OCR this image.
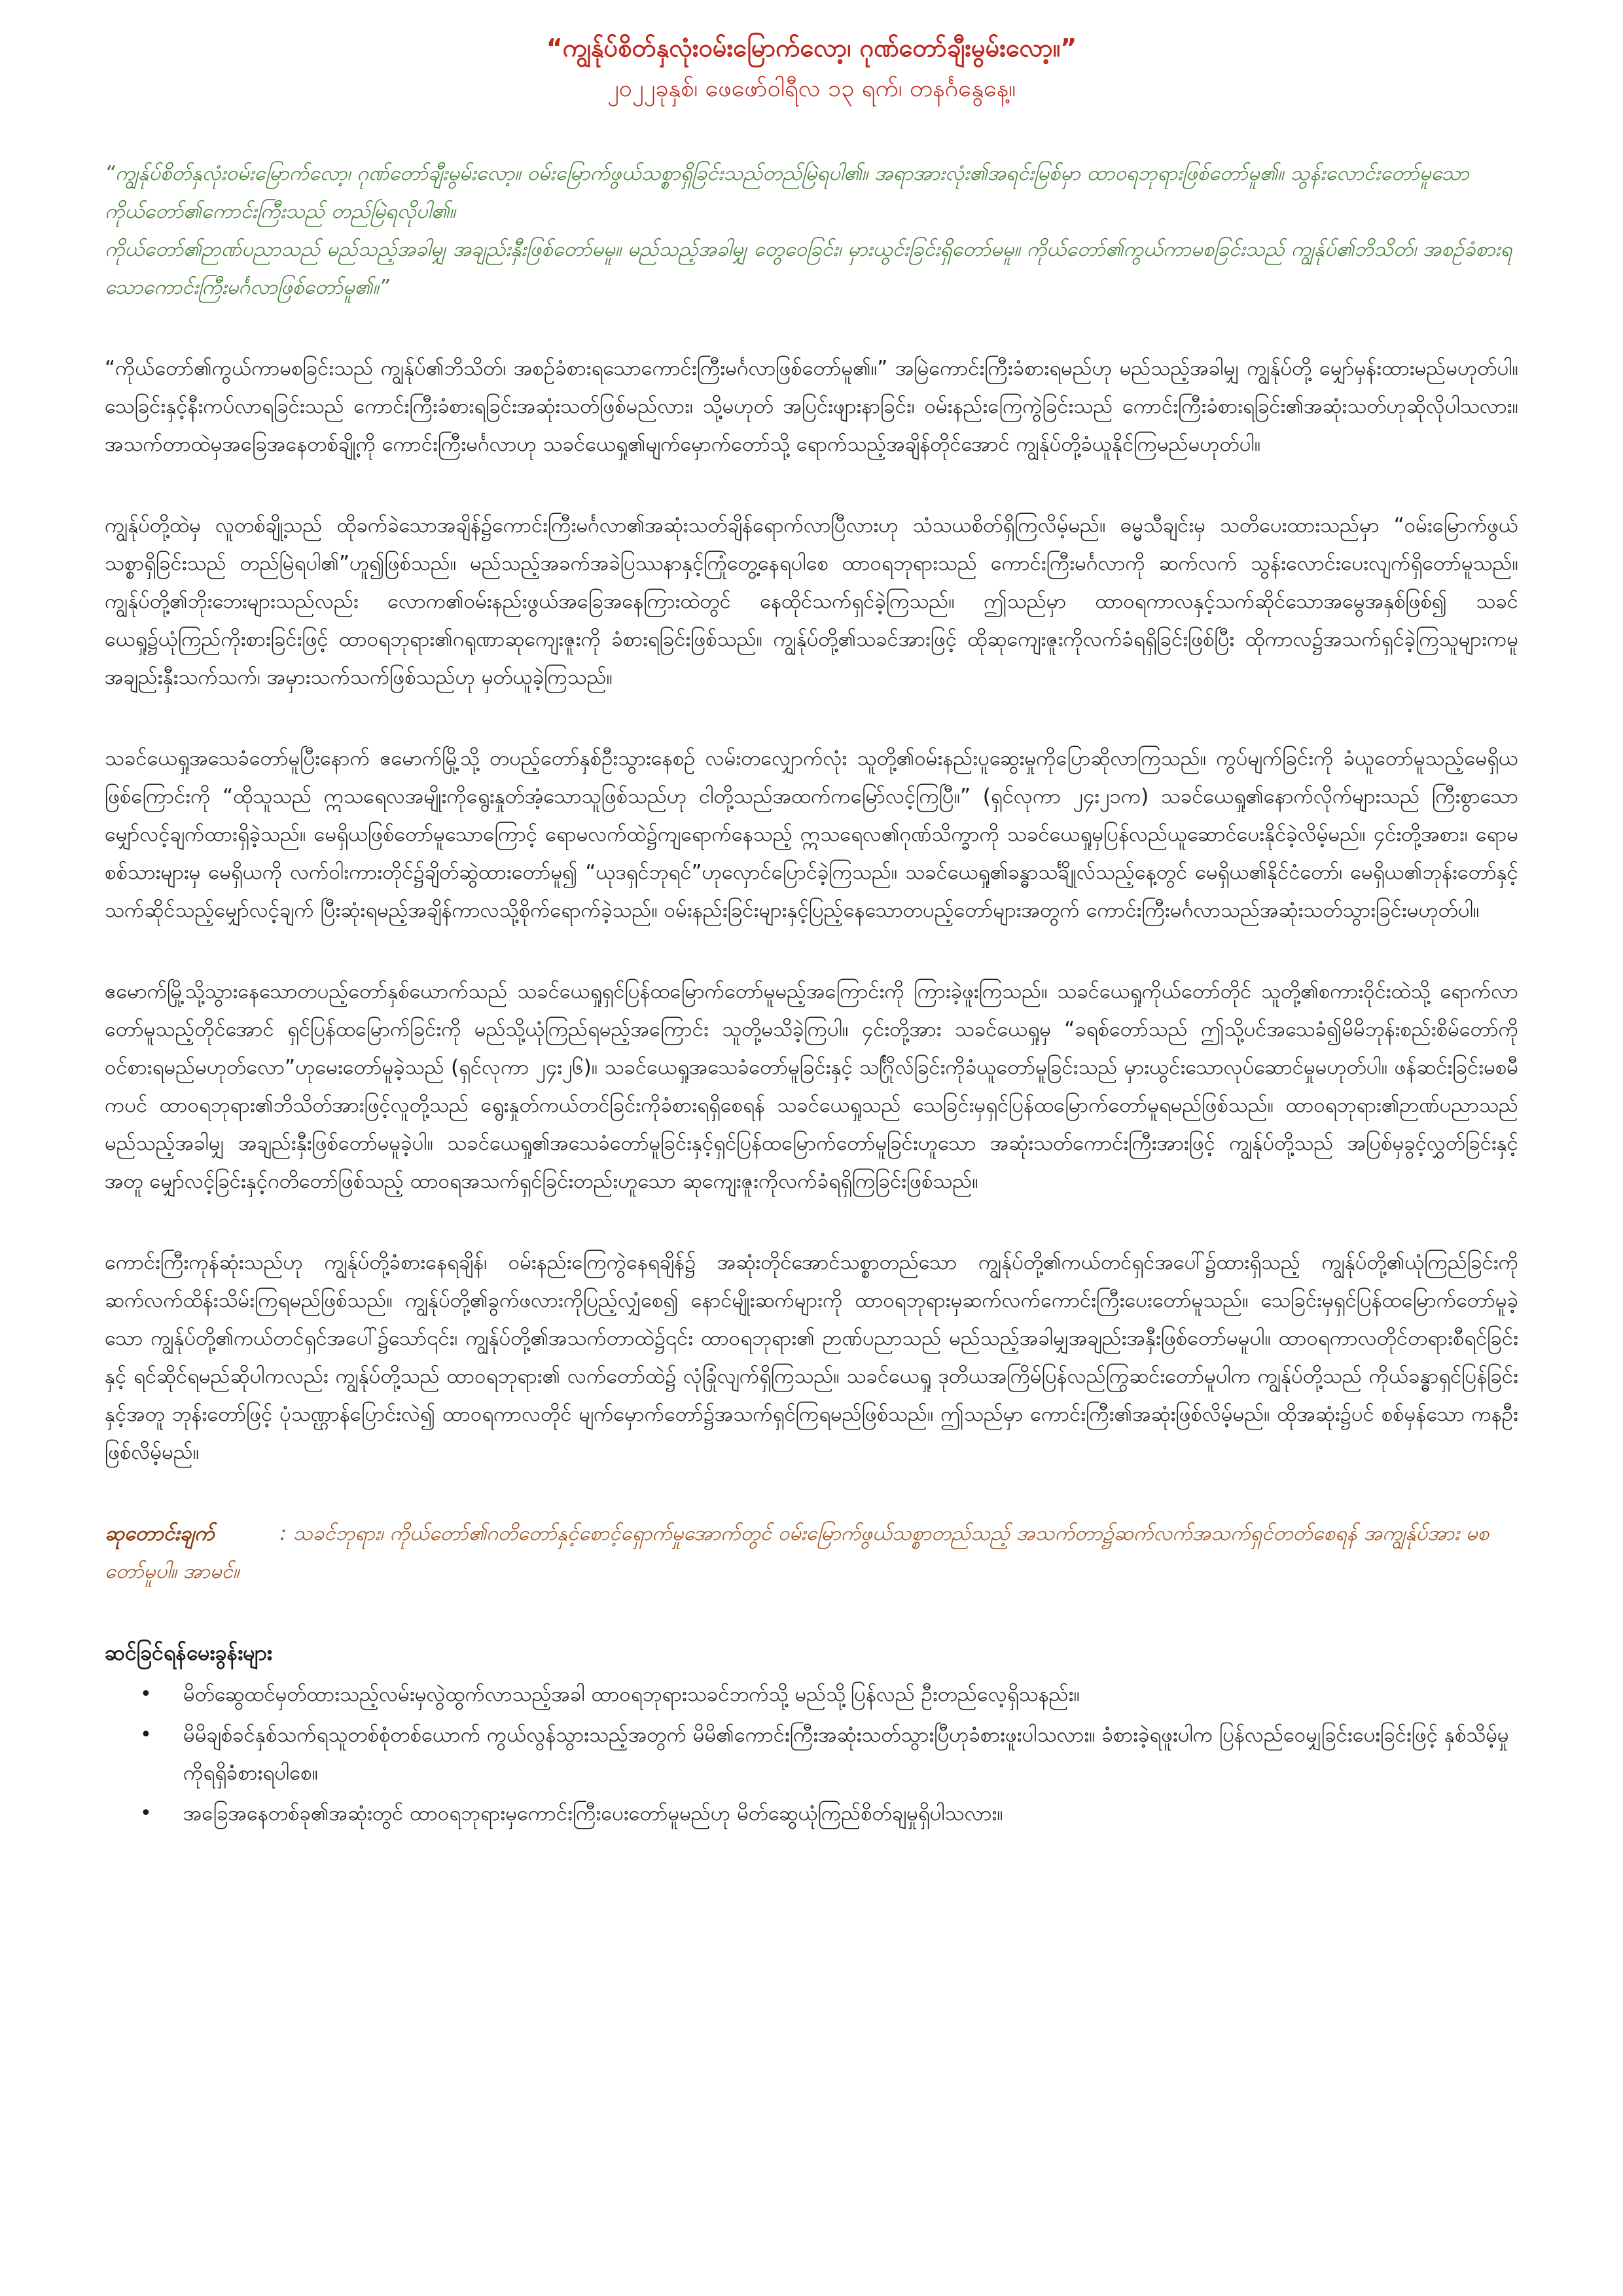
“ကျွန်ုပ်စိတ်နှလုံးဝမ်းမြောက်လော့၊ ဂုဏ်တော်ချီးမွမ်းလော့။”
၂၀၂၂ခုနှစ်၊ ဖေဖော်ဝါရီလ ၁၃ ရက်၊ တနင်္ဂနွေနေ့။

“ကျွန်ုပ်စိတ်နှလုံးဝမ်းမြောက်လော့၊ ဂုဏ်တော်ချီးမွမ်းလော့။ ဝမ်းမြောက်ဖွယ်သစ္စာရှိခြင်းသည်တည်မြဲရပါ၏။ အရာအားလုံး၏အရင်းမြစ်မှာ ထာဝရဘုရားဖြစ်တော်မူ၏။ သွန်းလောင်းတော်မူသောကိုယ်တော်၏ကောင်းကြီးသည် တည်မြဲရလိုပါ၏။

ကိုယ်တော်၏ဉာဏ်ပညာသည် မည်သည့်အခါမျှ အချည်းနှီးဖြစ်တော်မမူ။ မည်သည့်အခါမျှ တွေဝေခြင်း၊ မှားယွင်းခြင်းရှိတော်မမူ။ ကိုယ်တော်၏ကွယ်ကာမစခြင်းသည် ကျွန်ုပ်၏ဘိသိတ်၊ အစဉ်ခံစားရသောကောင်းကြီးမင်္ဂလာဖြစ်တော်မူ၏။”

“ကိုယ်တော်၏ကွယ်ကာမစခြင်းသည် ကျွန်ုပ်၏ဘိသိတ်၊ အစဉ်ခံစားရသောကောင်းကြီးမင်္ဂလာဖြစ်တော်မူ၏။” အမြဲကောင်းကြီးခံစားရမည်ဟု မည်သည့်အခါမျှ ကျွန်ုပ်တို့ မျှော်မှန်းထားမည်မဟုတ်ပါ။ သေခြင်းနှင့်နီးကပ်လာရခြင်းသည် ကောင်းကြီးခံစားရခြင်းအဆုံးသတ်ဖြစ်မည်လား၊ သို့မဟုတ် အပြင်းဖျားနာခြင်း၊ ဝမ်းနည်းကြေကွဲခြင်းသည် ကောင်းကြီးခံစားရခြင်း၏အဆုံးသတ်ဟုဆိုလိုပါသလား။ အသက်တာထဲမှအခြေအနေတစ်ချို့ကို ကောင်းကြီးမင်္ဂလာဟု သခင်ယေရှု၏မျက်မှောက်တော်သို့ ရောက်သည့်အချိန်တိုင်အောင် ကျွန်ုပ်တို့ခံယူနိုင်ကြမည်မဟုတ်ပါ။

ကျွန်ုပ်တို့ထဲမှ လူတစ်ချို့သည် ထိုခက်ခဲသောအချိန်၌ကောင်းကြီးမင်္ဂလာ၏အဆုံးသတ်ချိန်ရောက်လာပြီလားဟု သံသယစိတ်ရှိကြလိမ့်မည်။ ဓမ္မသီချင်းမှ သတိပေးထားသည်မှာ “ဝမ်းမြောက်ဖွယ်သစ္စာရှိခြင်းသည် တည်မြဲရပါ၏”ဟူ၍ဖြစ်သည်။ မည်သည့်အခက်အခဲပြဿနာနှင့်ကြုံတွေ့နေရပါစေ ထာဝရဘုရားသည် ကောင်းကြီးမင်္ဂလာကို ဆက်လက် သွန်းလောင်းပေးလျက်ရှိတော်မူသည်။ ကျွန်ုပ်တို့၏ဘိုးဘေးများသည်လည်း လောက၏ဝမ်းနည်းဖွယ်အခြေအနေကြားထဲတွင် နေထိုင်သက်ရှင်ခဲ့ကြသည်။ ဤသည်မှာ ထာဝရကာလနှင့်သက်ဆိုင်သောအမွေအနှစ်ဖြစ်၍ သခင်ယေရှု၌ယုံကြည်ကိုးစားခြင်းဖြင့် ထာဝရဘုရား၏ဂရုဏာဆုကျေးဇူးကို ခံစားရခြင်းဖြစ်သည်။ ကျွန်ုပ်တို့၏သခင်အားဖြင့် ထိုဆုကျေးဇူးကိုလက်ခံရရှိခြင်းဖြစ်ပြီး ထိုကာလ၌အသက်ရှင်ခဲ့ကြသူများကမူ အချည်းနှီးသက်သက်၊ အမှားသက်သက်ဖြစ်သည်ဟု မှတ်ယူခဲ့ကြသည်။

သခင်ယေရှုအသေခံတော်မူပြီးနောက် ဧမောက်မြို့သို့ တပည့်တော်နှစ်ဦးသွားနေစဉ် လမ်းတလျှောက်လုံး သူတို့၏ဝမ်းနည်းပူဆွေးမှုကိုပြောဆိုလာကြသည်။ ကွပ်မျက်ခြင်းကို ခံယူတော်မူသည့်မေရှိယဖြစ်ကြောင်းကို “ထိုသူသည် ဣသရေလအမျိုးကိုရွေးနှုတ်အံ့သောသူဖြစ်သည်ဟု ငါတို့သည်အထက်ကမြော်လင့်ကြပြီ။” (ရှင်လုကာ ၂၄း၂၁က) သခင်ယေရှု၏နောက်လိုက်များသည် ကြီးစွာသောမျှော်လင့်ချက်ထားရှိခဲ့သည်။ မေရှိယဖြစ်တော်မူသောကြောင့် ရောမလက်ထဲ၌ကျရောက်နေသည့် ဣသရေလ၏ဂုဏ်သိက္ခာကို သခင်ယေရှုမှပြန်လည်ယူဆောင်ပေးနိုင်ခဲ့လိမ့်မည်။ ၄င်းတို့အစား၊ ရောမစစ်သားများမှ မေရှိယကို လက်ဝါးကားတိုင်၌ချိတ်ဆွဲထားတော်မူ၍ “ယုဒရှင်ဘုရင်”ဟုလှောင်ပြောင်ခဲ့ကြသည်။ သခင်ယေရှု၏ခန္ဓာသင်္ချိုလ်သည့်နေ့တွင် မေရှိယ၏နိုင်ငံတော်၊ မေရှိယ၏ဘုန်းတော်နှင့်သက်ဆိုင်သည့်မျှော်လင့်ချက် ပြီးဆုံးရမည့်အချိန်ကာလသို့စိုက်ရောက်ခဲ့သည်။ ဝမ်းနည်းခြင်းများနှင့်ပြည့်နေသောတပည့်တော်များအတွက် ကောင်းကြီးမင်္ဂလာသည်အဆုံးသတ်သွားခြင်းမဟုတ်ပါ။

ဧမောက်မြို့သို့သွားနေသောတပည့်တော်နှစ်ယောက်သည် သခင်ယေရှုရှင်ပြန်ထမြောက်တော်မူမည့်အကြောင်းကို ကြားခဲ့ဖူးကြသည်။ သခင်ယေရှုကိုယ်တော်တိုင် သူတို့၏စကားဝိုင်းထဲသို့ ရောက်လာတော်မူသည့်တိုင်အောင် ရှင်ပြန်ထမြောက်ခြင်းကို မည်သို့ယုံကြည်ရမည့်အကြောင်း သူတို့မသိခဲ့ကြပါ။ ၄င်းတို့အား သခင်ယေရှုမှ “ခရစ်တော်သည် ဤသို့ပင်အသေခံ၍မိမိဘုန်းစည်းစိမ်တော်ကို ဝင်စားရမည်မဟုတ်လော”ဟုမေးတော်မူခဲ့သည် (ရှင်လုကာ ၂၄း၂၆)။ သခင်ယေရှုအသေခံတော်မူခြင်းနှင့် သင်္ဂြိုလ်ခြင်းကိုခံယူတော်မူခြင်းသည် မှားယွင်းသောလုပ်ဆောင်မှုမဟုတ်ပါ။ ဖန်ဆင်းခြင်းမစမီကပင် ထာဝရဘုရား၏ဘိသိတ်အားဖြင့်လူတို့သည် ရွေးနှုတ်ကယ်တင်ခြင်းကိုခံစားရရှိစေရန် သခင်ယေရှုသည် သေခြင်းမှရှင်ပြန်ထမြောက်တော်မူရမည်ဖြစ်သည်။ ထာဝရဘုရား၏ဉာဏ်ပညာသည် မည်သည့်အခါမျှ အချည်းနှီးဖြစ်တော်မမူခဲ့ပါ။ သခင်ယေရှု၏အသေခံတော်မူခြင်းနှင့်ရှင်ပြန်ထမြောက်တော်မူခြင်းဟူသော အဆုံးသတ်ကောင်းကြီးအားဖြင့် ကျွန်ုပ်တို့သည် အပြစ်မှခွင့်လွှတ်ခြင်းနှင့်အတူ မျှော်လင့်ခြင်းနှင့်ဂတိတော်ဖြစ်သည့် ထာဝရအသက်ရှင်ခြင်းတည်းဟူသော ဆုကျေးဇူးကိုလက်ခံရရှိကြခြင်းဖြစ်သည်။

ကောင်းကြီးကုန်ဆုံးသည်ဟု ကျွန်ုပ်တို့ခံစားနေရချိန်၊ ဝမ်းနည်းကြေကွဲနေရချိန်၌ အဆုံးတိုင်အောင်သစ္စာတည်သော ကျွန်ုပ်တို့၏ကယ်တင်ရှင်အပေါ်၌ထားရှိသည့် ကျွန်ုပ်တို့၏ယုံကြည်ခြင်းကို ဆက်လက်ထိန်းသိမ်းကြရမည်ဖြစ်သည်။ ကျွန်ုပ်တို့၏ခွက်ဖလားကိုပြည့်လျှံစေ၍ နောင်မျိုးဆက်များကို ထာဝရဘုရားမှဆက်လက်ကောင်းကြီးပေးတော်မူသည်။ သေခြင်းမှရှင်ပြန်ထမြောက်တော်မူခဲ့သော ကျွန်ုပ်တို့၏ကယ်တင်ရှင်အပေါ်၌သော်၎င်း၊ ကျွန်ုပ်တို့၏အသက်တာထဲ၌၎င်း ထာဝရဘုရား၏ ဉာဏ်ပညာသည် မည်သည့်အခါမျှအချည်းအနှီးဖြစ်တော်မမူပါ။ ထာဝရကာလတိုင်တရားစီရင်ခြင်းနှင့် ရင်ဆိုင်ရမည်ဆိုပါကလည်း ကျွန်ုပ်တို့သည် ထာဝရဘုရား၏ လက်တော်ထဲ၌ လုံခြုံလျက်ရှိကြသည်။ သခင်ယေရှု ဒုတိယအကြိမ်ပြန်လည်ကြွဆင်းတော်မူပါက ကျွန်ုပ်တို့သည် ကိုယ်ခန္ဓာရှင်ပြန်ခြင်းနှင့်အတူ ဘုန်းတော်ဖြင့် ပုံသဏ္ဌာန်ပြောင်းလဲ၍ ထာဝရကာလတိုင် မျက်မှောက်တော်၌အသက်ရှင်ကြရမည်ဖြစ်သည်။ ဤသည်မှာ ကောင်းကြီး၏အဆုံးဖြစ်လိမ့်မည်။ ထိုအဆုံး၌ပင် စစ်မှန်သော ကနဦးဖြစ်လိမ့်မည်။

ဆုတောင်းချက်	: သခင်ဘုရား၊ ကိုယ်တော်၏ဂတိတော်နှင့်စောင့်ရှောက်မှုအောက်တွင် ဝမ်းမြောက်ဖွယ်သစ္စာတည်သည့် အသက်တာ၌ဆက်လက်အသက်ရှင်တတ်စေရန် အကျွန်ုပ်အား မစတော်မူပါ။ အာမင်။

ဆင်ခြင်ရန်မေးခွန်းများ
• မိတ်ဆွေထင်မှတ်ထားသည့်လမ်းမှလွဲထွက်လာသည့်အခါ ထာဝရဘုရားသခင်ဘက်သို့ မည်သို့ပြန်လည် ဦးတည်လေ့ရှိသနည်း။
• မိမိချစ်ခင်နှစ်သက်ရသူတစ်စုံတစ်ယောက် ကွယ်လွန်သွားသည့်အတွက် မိမိ၏ကောင်းကြီးအဆုံးသတ်သွားပြီဟုခံစားဖူးပါသလား။ ခံစားခဲ့ရဖူးပါက ပြန်လည်ဝေမျှခြင်းပေးခြင်းဖြင့် နှစ်သိမ့်မှုကိုရရှိခံစားရပါစေ။
• အခြေအနေတစ်ခု၏အဆုံးတွင် ထာဝရဘုရားမှကောင်းကြီးပေးတော်မူမည်ဟု မိတ်ဆွေယုံကြည်စိတ်ချမှုရှိပါသလား။
